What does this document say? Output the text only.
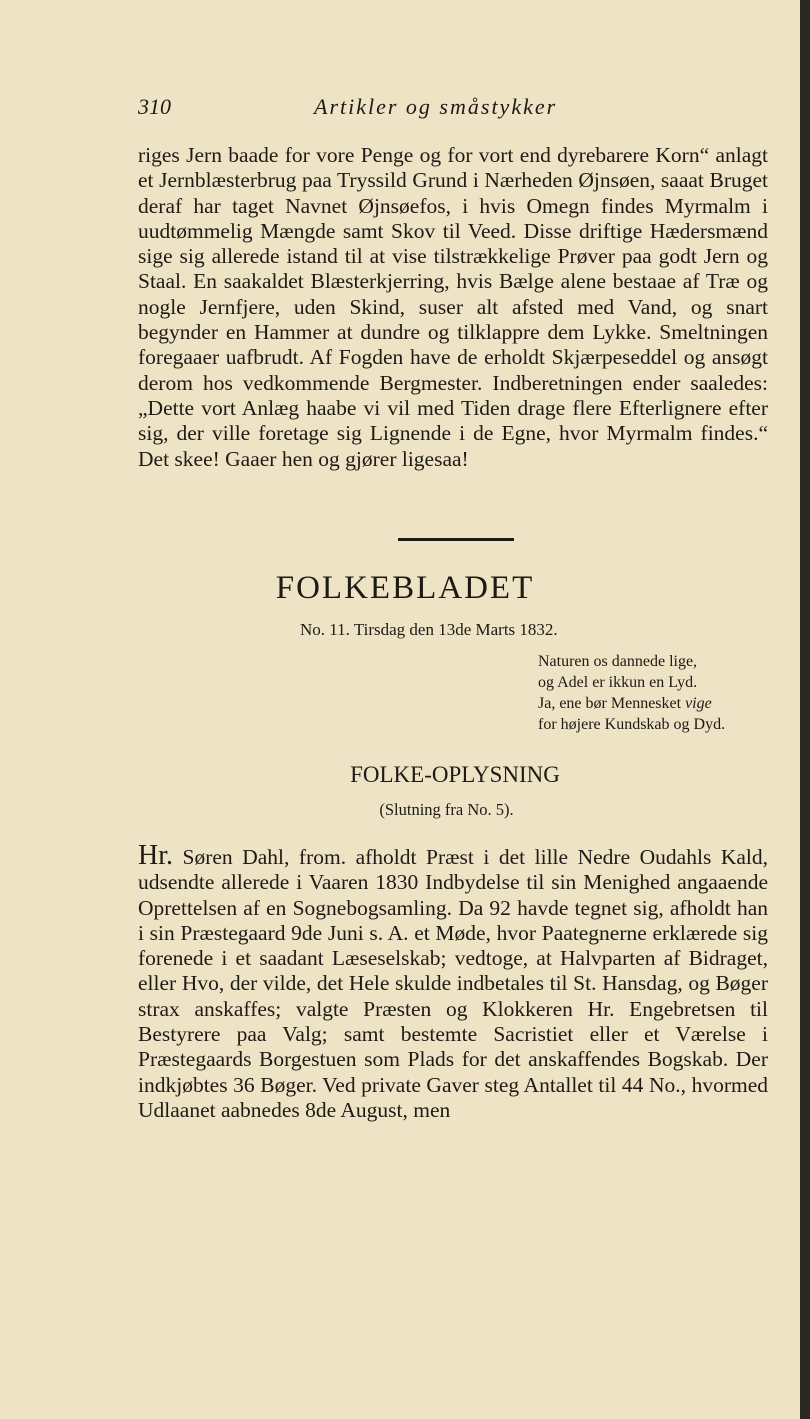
310	Artikler og småstykker

riges Jern baade for vore Penge og for vort end dyrebarere Korn“ anlagt et Jernblæsterbrug paa Tryssild Grund i Nærheden Øjnsøen, saaat Bruget deraf har taget Navnet Øjnsøefos, i hvis Omegn findes Myrmalm i uudtømmelig Mængde samt Skov til Veed. Disse driftige Hædersmænd sige sig allerede istand til at vise tilstrækkelige Prøver paa godt Jern og Staal. En saakaldet Blæsterkjerring, hvis Bælge alene bestaae af Træ og nogle Jernfjere, uden Skind, suser alt afsted med Vand, og snart begynder en Hammer at dundre og tilklappre dem Lykke. Smeltningen foregaaer uafbrudt. Af Fogden have de erholdt Skjærpeseddel og ansøgt derom hos vedkommende Bergmester. Indberetningen ender saaledes: „Dette vort Anlæg haabe vi vil med Tiden drage flere Efterlignere efter sig, der ville foretage sig Lignende i de Egne, hvor Myrmalm findes.“ Det skee! Gaaer hen og gjører ligesaa!

FOLKEBLADET
No. 11. Tirsdag den 13de Marts 1832.
Naturen os dannede lige,
og Adel er ikkun en Lyd.
Ja, ene bør Mennesket vige
for højere Kundskab og Dyd.
FOLKE-OPLYSNING
(Slutning fra No. 5).

Hr. Søren Dahl, from. afholdt Præst i det lille Nedre Oudahls Kald, udsendte allerede i Vaaren 1830 Indbydelse til sin Menighed angaaende Oprettelsen af en Sognebogsamling. Da 92 havde tegnet sig, afholdt han i sin Præstegaard 9de Juni s. A. et Møde, hvor Paategnerne erklærede sig forenede i et saadant Læseselskab; vedtoge, at Halvparten af Bidraget, eller Hvo, der vilde, det Hele skulde indbetales til St. Hansdag, og Bøger strax anskaffes; valgte Præsten og Klokkeren Hr. Engebretsen til Bestyrere paa Valg; samt bestemte Sacristiet eller et Værelse i Præstegaards Borgestuen som Plads for det anskaffendes Bogskab. Der indkjøbtes 36 Bøger. Ved private Gaver steg Antallet til 44 No., hvormed Udlaanet aabnedes 8de August, men
